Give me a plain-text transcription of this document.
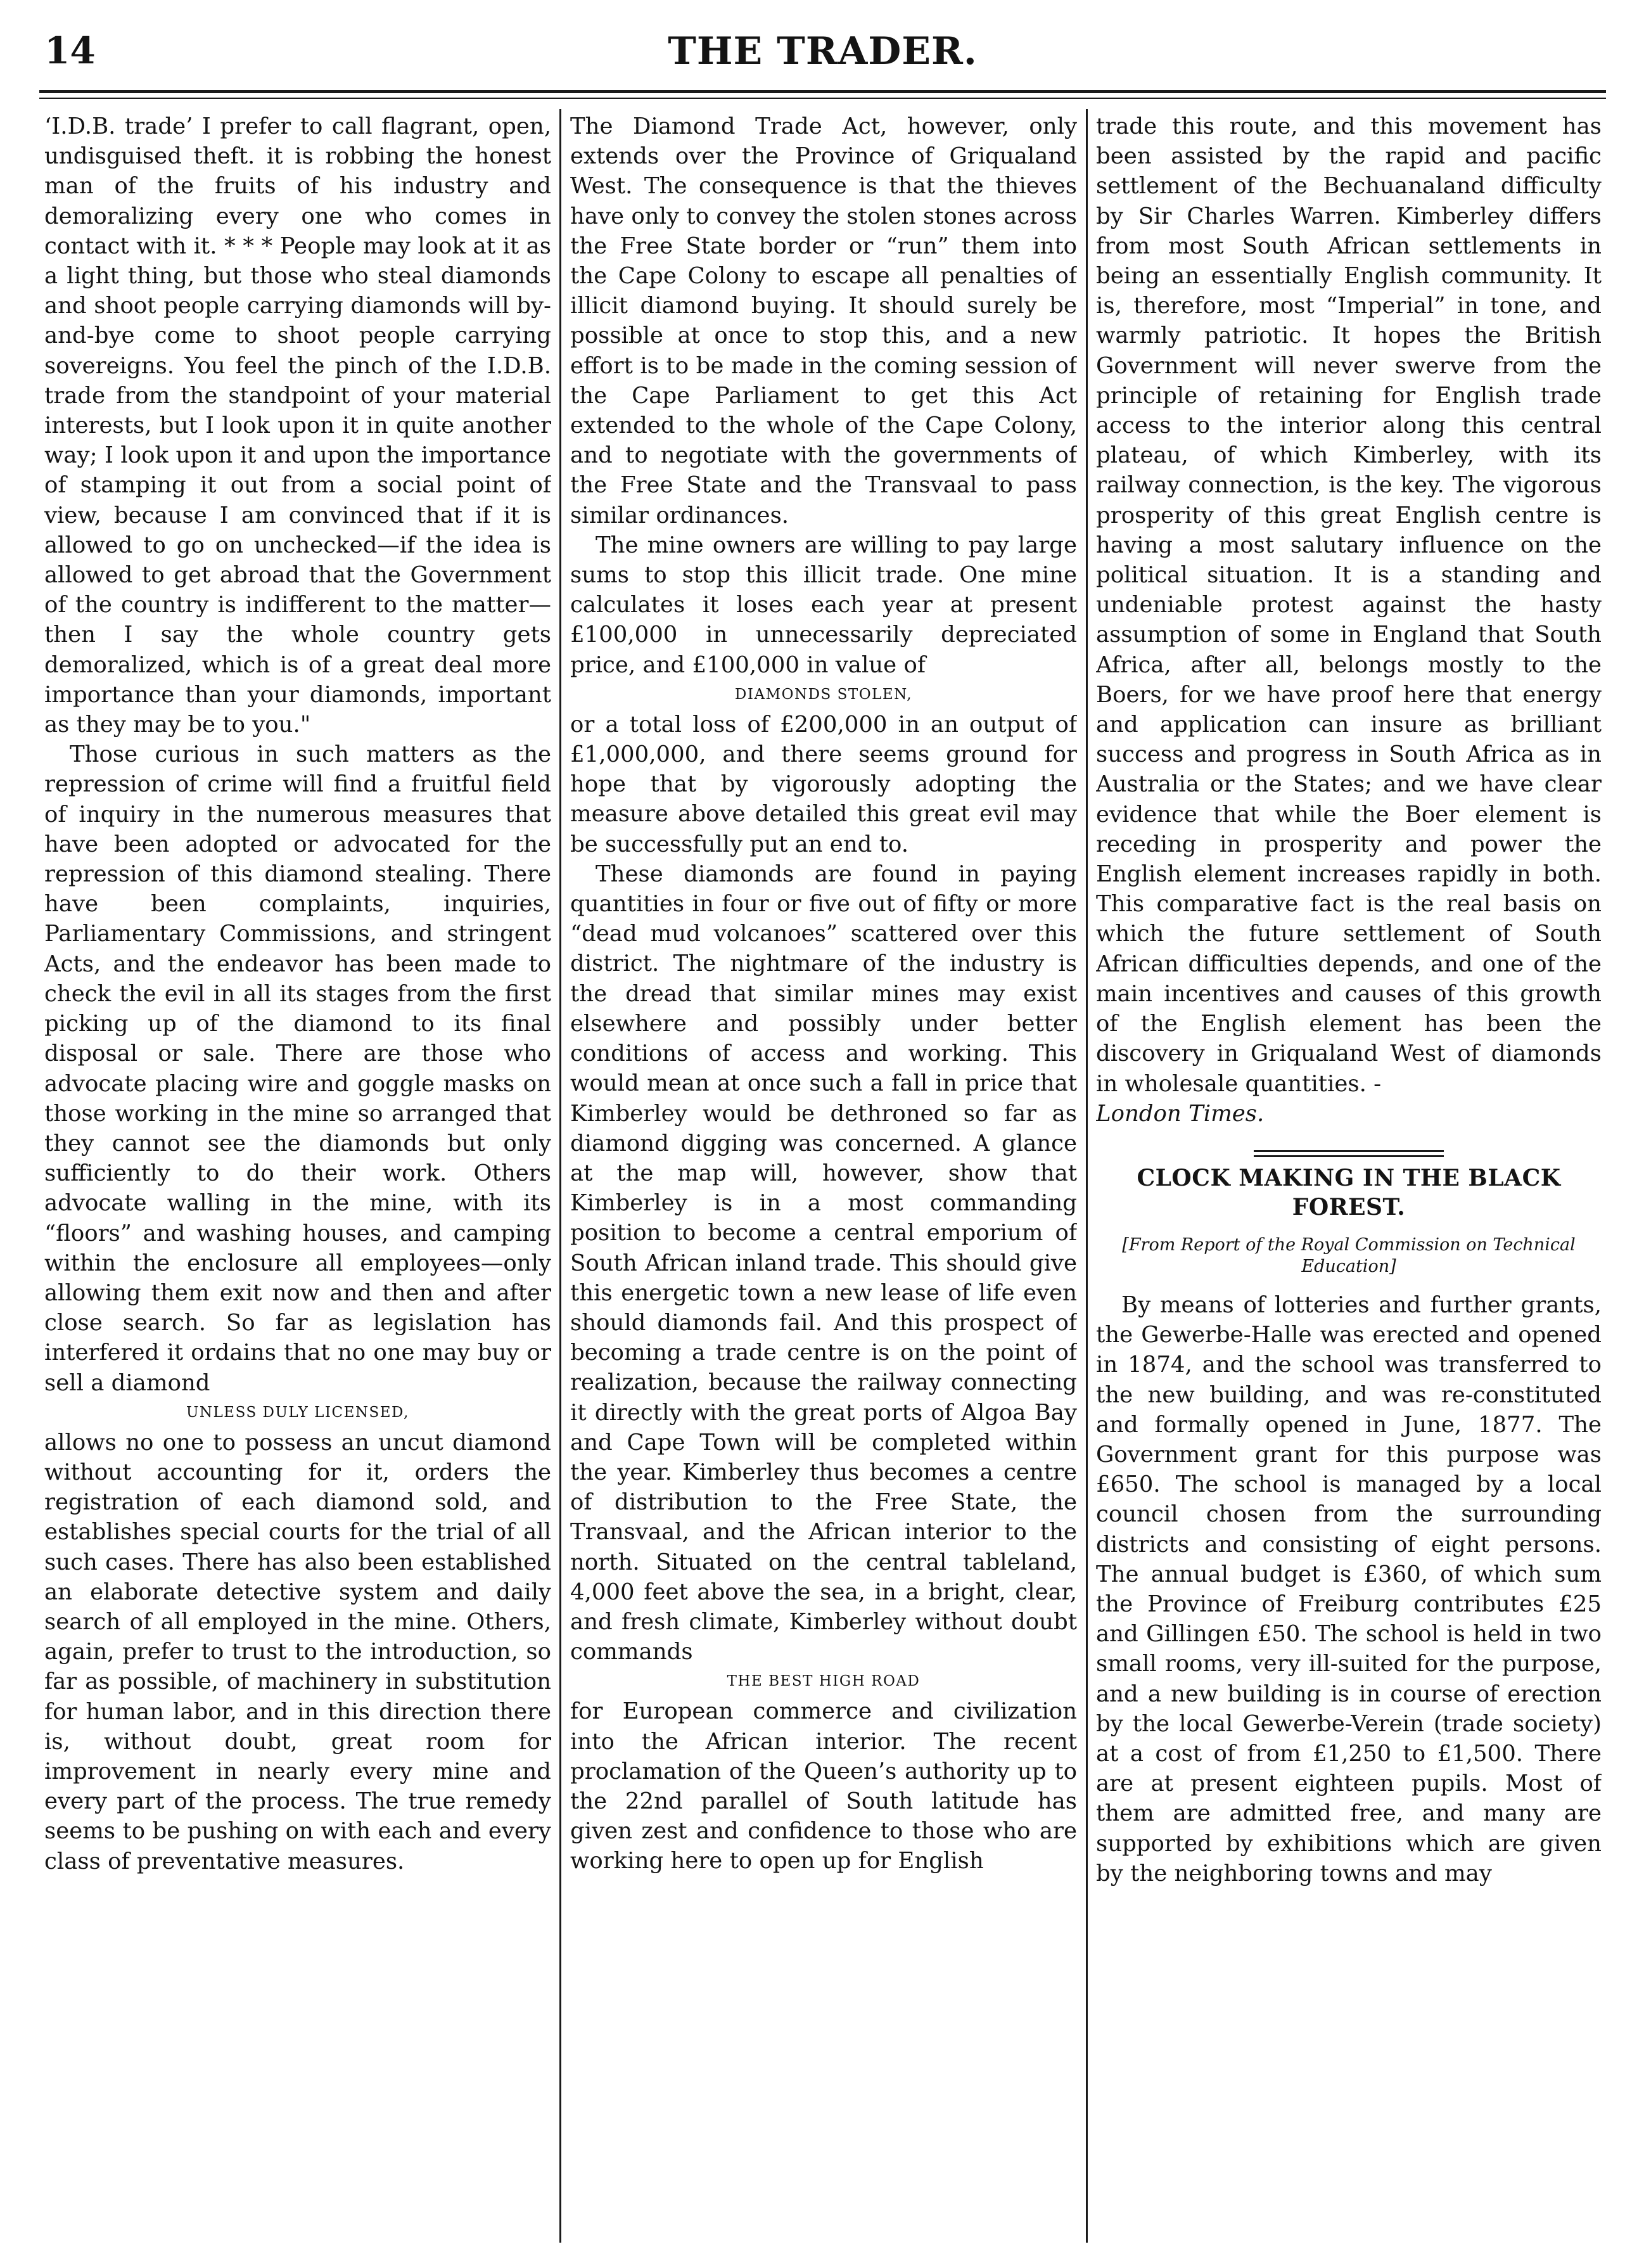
14	THE TRADER.

‘I.D.B. trade’ I prefer to call flagrant, open, undisguised theft. it is robbing the honest man of the fruits of his industry and demoralizing every one who comes in contact with it. * * * People may look at it as a light thing, but those who steal diamonds and shoot people carrying diamonds will by-and-bye come to shoot people carrying sovereigns. You feel the pinch of the I.D.B. trade from the standpoint of your material interests, but I look upon it in quite another way; I look upon it and upon the importance of stamping it out from a social point of view, because I am convinced that if it is allowed to go on unchecked—if the idea is allowed to get abroad that the Government of the country is indifferent to the matter—then I say the whole country gets demoralized, which is of a great deal more importance than your diamonds, important as they may be to you."

Those curious in such matters as the repression of crime will find a fruitful field of inquiry in the numerous measures that have been adopted or advocated for the repression of this diamond stealing. There have been complaints, inquiries, Parliamentary Commissions, and stringent Acts, and the endeavor has been made to check the evil in all its stages from the first picking up of the diamond to its final disposal or sale. There are those who advocate placing wire and goggle masks on those working in the mine so arranged that they cannot see the diamonds but only sufficiently to do their work. Others advocate walling in the mine, with its “floors” and washing houses, and camping within the enclosure all employees—only allowing them exit now and then and after close search. So far as legislation has interfered it ordains that no one may buy or sell a diamond

UNLESS DULY LICENSED,

allows no one to possess an uncut diamond without accounting for it, orders the registration of each diamond sold, and establishes special courts for the trial of all such cases. There has also been established an elaborate detective system and daily search of all employed in the mine. Others, again, prefer to trust to the introduction, so far as possible, of machinery in substitution for human labor, and in this direction there is, without doubt, great room for improvement in nearly every mine and every part of the process. The true remedy seems to be pushing on with each and every class of preventative measures.

The Diamond Trade Act, however, only extends over the Province of Griqualand West. The consequence is that the thieves have only to convey the stolen stones across the Free State border or “run” them into the Cape Colony to escape all penalties of illicit diamond buying. It should surely be possible at once to stop this, and a new effort is to be made in the coming session of the Cape Parliament to get this Act extended to the whole of the Cape Colony, and to negotiate with the governments of the Free State and the Transvaal to pass similar ordinances.

The mine owners are willing to pay large sums to stop this illicit trade. One mine calculates it loses each year at present £100,000 in unnecessarily depreciated price, and £100,000 in value of

DIAMONDS STOLEN,

or a total loss of £200,000 in an output of £1,000,000, and there seems ground for hope that by vigorously adopting the measure above detailed this great evil may be successfully put an end to.

These diamonds are found in paying quantities in four or five out of fifty or more “dead mud volcanoes” scattered over this district. The nightmare of the industry is the dread that similar mines may exist elsewhere and possibly under better conditions of access and working. This would mean at once such a fall in price that Kimberley would be dethroned so far as diamond digging was concerned. A glance at the map will, however, show that Kimberley is in a most commanding position to become a central emporium of South African inland trade. This should give this energetic town a new lease of life even should diamonds fail. And this prospect of becoming a trade centre is on the point of realization, because the railway connecting it directly with the great ports of Algoa Bay and Cape Town will be completed within the year. Kimberley thus becomes a centre of distribution to the Free State, the Transvaal, and the African interior to the north. Situated on the central tableland, 4,000 feet above the sea, in a bright, clear, and fresh climate, Kimberley without doubt commands

THE BEST HIGH ROAD

for European commerce and civilization into the African interior. The recent proclamation of the Queen’s authority up to the 22nd parallel of South latitude has given zest and confidence to those who are working here to open up for English

trade this route, and this movement has been assisted by the rapid and pacific settlement of the Bechuanaland difficulty by Sir Charles Warren. Kimberley differs from most South African settlements in being an essentially English community. It is, therefore, most “Imperial” in tone, and warmly patriotic. It hopes the British Government will never swerve from the principle of retaining for English trade access to the interior along this central plateau, of which Kimberley, with its railway connection, is the key. The vigorous prosperity of this great English centre is having a most salutary influence on the political situation. It is a standing and undeniable protest against the hasty assumption of some in England that South Africa, after all, belongs mostly to the Boers, for we have proof here that energy and application can insure as brilliant success and progress in South Africa as in Australia or the States; and we have clear evidence that while the Boer element is receding in prosperity and power the English element increases rapidly in both. This comparative fact is the real basis on which the future settlement of South African difficulties depends, and one of the main incentives and causes of this growth of the English element has been the discovery in Griqualand West of diamonds in wholesale quantities. -

London Times.

CLOCK MAKING IN THE BLACK FOREST.
[From Report of the Royal Commission on Technical Education]

By means of lotteries and further grants, the Gewerbe-Halle was erected and opened in 1874, and the school was transferred to the new building, and was re-constituted and formally opened in June, 1877. The Government grant for this purpose was £650. The school is managed by a local council chosen from the surrounding districts and consisting of eight persons. The annual budget is £360, of which sum the Province of Freiburg contributes £25 and Gillingen £50. The school is held in two small rooms, very ill-suited for the purpose, and a new building is in course of erection by the local Gewerbe-Verein (trade society) at a cost of from £1,250 to £1,500. There are at present eighteen pupils. Most of them are admitted free, and many are supported by exhibitions which are given by the neighboring towns and may
